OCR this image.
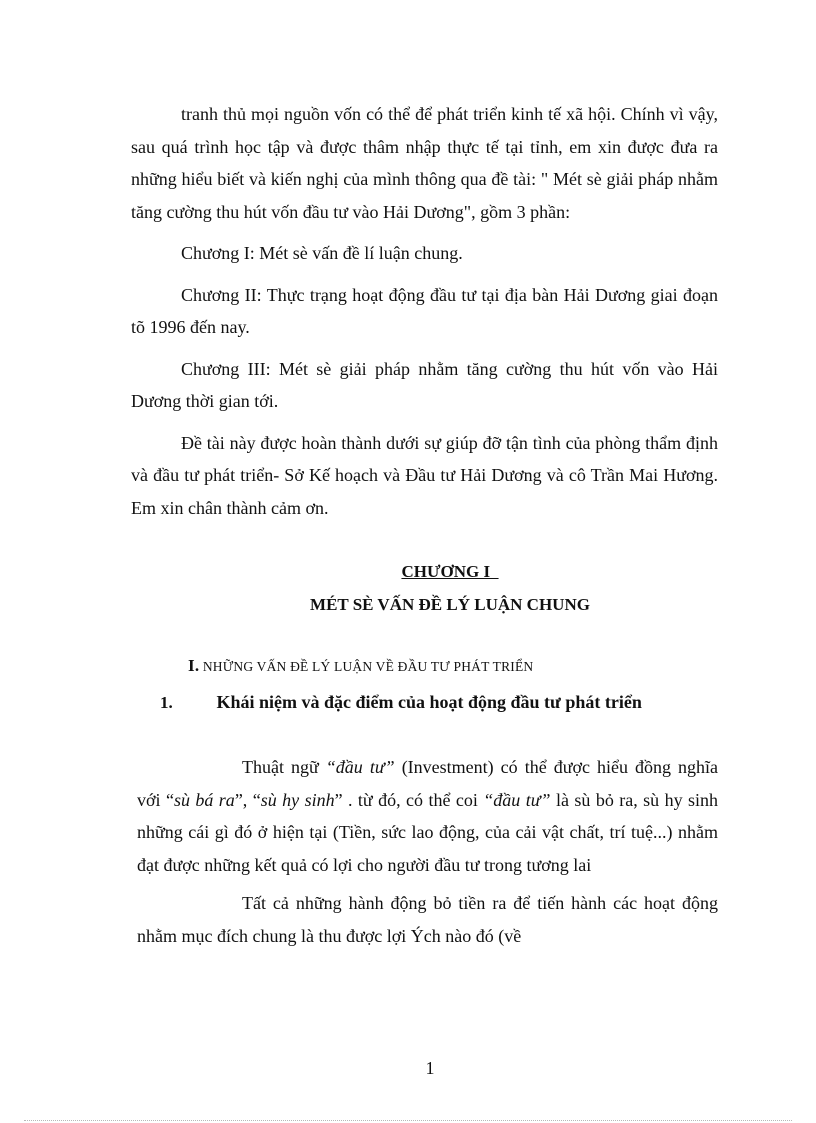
tranh thủ mọi nguồn vốn có thể để phát triển kinh tế xã hội. Chính vì vậy, sau quá trình học tập và được thâm nhập thực tế tại tỉnh, em xin được đưa ra những hiểu biết và kiến nghị của mình thông qua đề tài: " Mét sè giải pháp nhằm tăng cường thu hút vốn đầu tư vào Hải Dương", gồm 3 phần:

Chương I: Mét sè vấn đề lí luận chung.

Chương II: Thực trạng hoạt động đầu tư tại địa bàn Hải Dương giai đoạn tõ 1996 đến nay.

Chương III: Mét sè giải pháp nhằm tăng cường thu hút vốn vào Hải Dương thời gian tới.

Đề tài này được hoàn thành dưới sự giúp đỡ tận tình của phòng thẩm định và đầu tư phát triển- Sở Kế hoạch và Đầu tư Hải Dương và cô Trần Mai Hương. Em xin chân thành cảm ơn.

CHƯƠNG I

MÉT SÈ VẤN ĐỀ LÝ LUẬN CHUNG

I. NHỮNG VẤN ĐỀ LÝ LUẬN VỀ ĐẦU TƯ PHÁT TRIỂN

1. Khái niệm và đặc điểm của hoạt động đầu tư phát triển

Thuật ngữ “đầu tư” (Investment) có thể được hiểu đồng nghĩa với “sù bá ra”, “sù hy sinh” . từ đó, có thể coi “đầu tư” là sù bỏ ra, sù hy sinh những cái gì đó ở hiện tại (Tiền, sức lao động, của cải vật chất, trí tuệ...) nhằm đạt được những kết quả có lợi cho người đầu tư trong tương lai

Tất cả những hành động bỏ tiền ra để tiến hành các hoạt động nhằm mục đích chung là thu được lợi Ých nào đó (về

1
